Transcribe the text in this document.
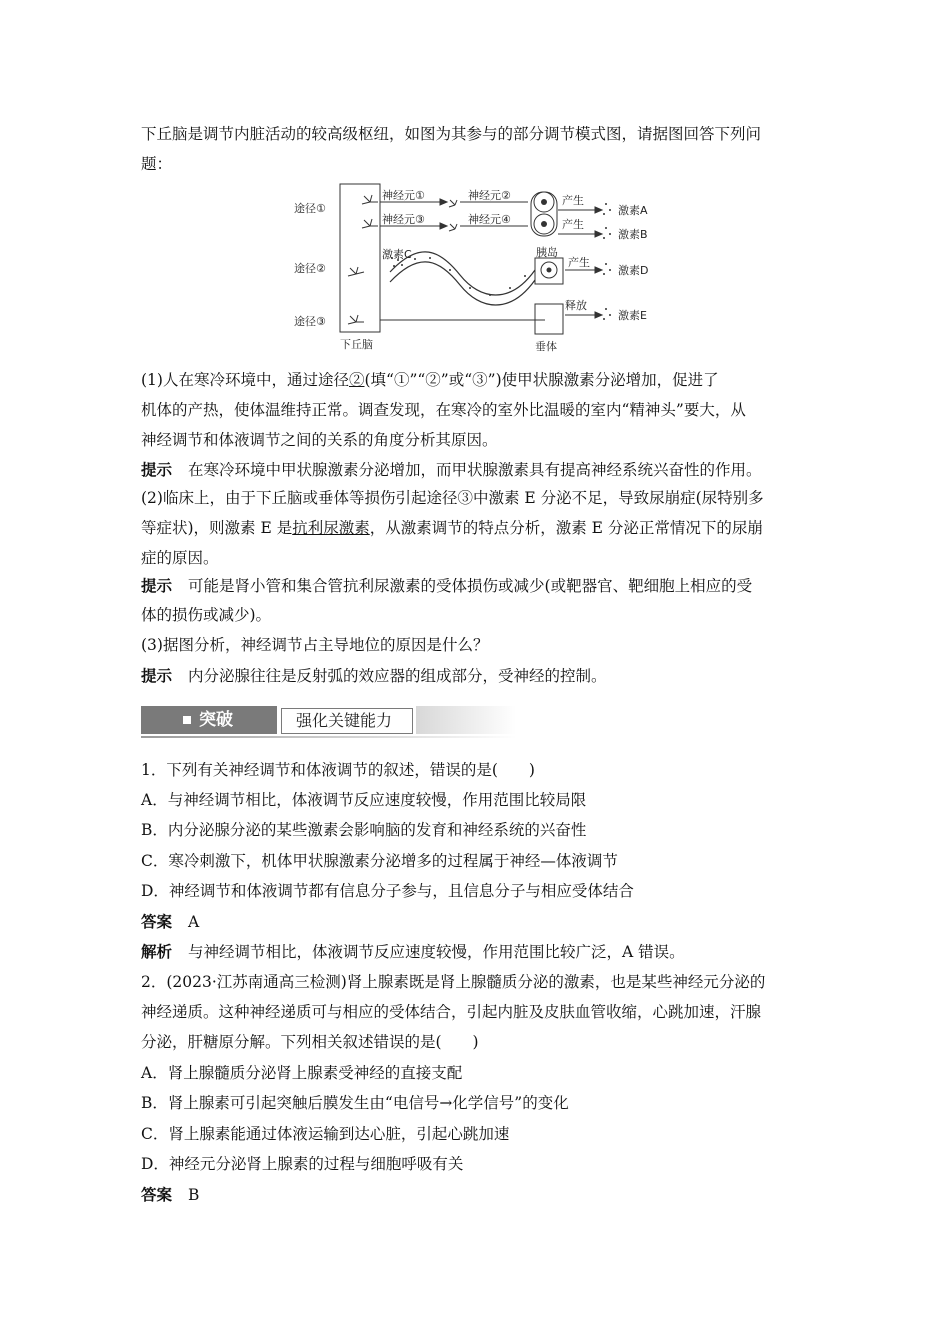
下丘脑是调节内脏活动的较高级枢纽，如图为其参与的部分调节模式图，请据图回答下列问
题：
途径①
途径②
途径③
神经元①	神经元②
神经元③	神经元④
产生
产生
产生
释放
激素A
激素B
激素C
激素D
激素E
胰岛
下丘脑	垂体
(1)人在寒冷环境中，通过途径②(填“①”“②”或“③”)使甲状腺激素分泌增加，促进了
机体的产热，使体温维持正常。调查发现，在寒冷的室外比温暖的室内“精神头”要大，从
神经调节和体液调节之间的关系的角度分析其原因。
提示 在寒冷环境中甲状腺激素分泌增加，而甲状腺激素具有提高神经系统兴奋性的作用。
(2)临床上，由于下丘脑或垂体等损伤引起途径③中激素 E 分泌不足，导致尿崩症(尿特别多
等症状)，则激素 E 是抗利尿激素，从激素调节的特点分析，激素 E 分泌正常情况下的尿崩
症的原因。
提示 可能是肾小管和集合管抗利尿激素的受体损伤或减少(或靶器官、靶细胞上相应的受
体的损伤或减少)。
(3)据图分析，神经调节占主导地位的原因是什么？
提示 内分泌腺往往是反射弧的效应器的组成部分，受神经的控制。
突破	强化关键能力
1．下列有关神经调节和体液调节的叙述，错误的是(　　)
A．与神经调节相比，体液调节反应速度较慢，作用范围比较局限
B．内分泌腺分泌的某些激素会影响脑的发育和神经系统的兴奋性
C．寒冷刺激下，机体甲状腺激素分泌增多的过程属于神经—体液调节
D．神经调节和体液调节都有信息分子参与，且信息分子与相应受体结合
答案 A
解析 与神经调节相比，体液调节反应速度较慢，作用范围比较广泛，A 错误。
2．(2023·江苏南通高三检测)肾上腺素既是肾上腺髓质分泌的激素，也是某些神经元分泌的
神经递质。这种神经递质可与相应的受体结合，引起内脏及皮肤血管收缩，心跳加速，汗腺
分泌，肝糖原分解。下列相关叙述错误的是(　　)
A．肾上腺髓质分泌肾上腺素受神经的直接支配
B．肾上腺素可引起突触后膜发生由“电信号→化学信号”的变化
C．肾上腺素能通过体液运输到达心脏，引起心跳加速
D．神经元分泌肾上腺素的过程与细胞呼吸有关
答案 B
